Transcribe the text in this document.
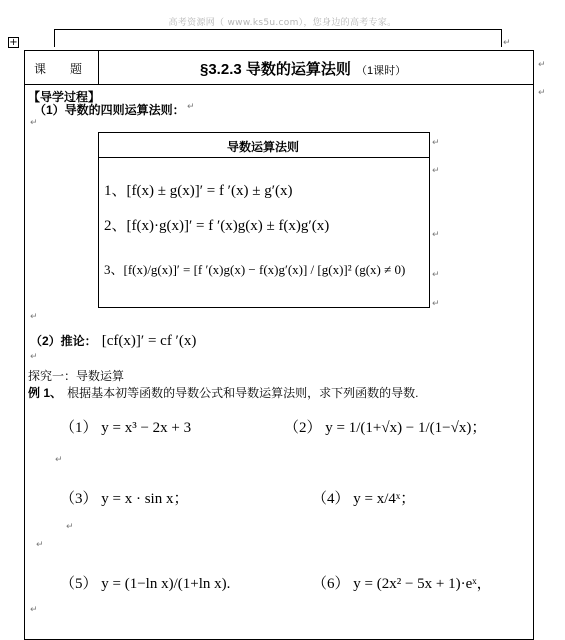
高考资源网（ www.ks5u.com），您身边的高考专家。
+
课　　题	§3.2.3 导数的运算法则 （1课时）
【导学过程】
（1）导数的四则运算法则：
导数运算法则
1、[f(x) ± g(x)]′ = f ′(x) ± g′(x)
2、[f(x)·g(x)]′ = f ′(x)g(x) ± f(x)g′(x)
3、[f(x)/g(x)]′ = [f ′(x)g(x) − f(x)g′(x)] / [g(x)]² (g(x) ≠ 0)
（2）推论： [cf(x)]′ = cf ′(x)
探究一：导数运算
例 1、 根据基本初等函数的导数公式和导数运算法则，求下列函数的导数.
（1） y = x³ − 2x + 3	（2） y = 1/(1+√x) − 1/(1−√x)；
（3） y = x · sin x；	（4） y = x/4ˣ；
（5） y = (1−ln x)/(1+ln x).	（6） y = (2x² − 5x + 1)·eˣ，
↵
↵
↵
↵
↵
↵
↵
↵
↵
↵
↵
↵
↵
↵
↵
↵
